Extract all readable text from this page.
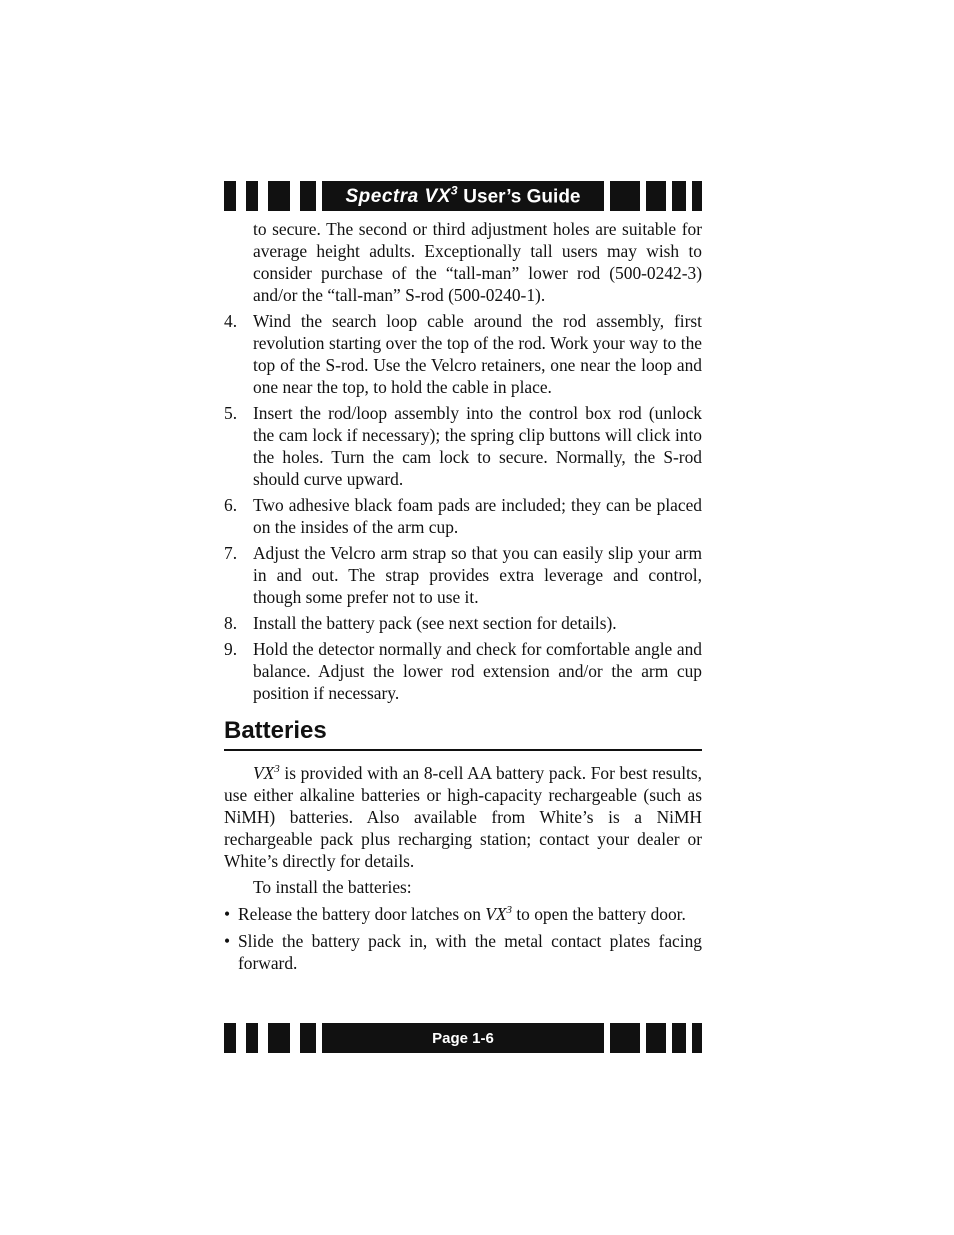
Spectra $VX^3$ User’s Guide

to secure. The second or third adjustment holes are suitable for average height adults. Exceptionally tall users may wish to consider purchase of the “tall-man” lower rod (500-0242-3) and/or the “tall-man” S-rod (500-0240-1).

4. Wind the search loop cable around the rod assembly, first revolution starting over the top of the rod. Work your way to the top of the S-rod. Use the Velcro retainers, one near the loop and one near the top, to hold the cable in place.
5. Insert the rod/loop assembly into the control box rod (unlock the cam lock if necessary); the spring clip buttons will click into the holes. Turn the cam lock to secure. Normally, the S-rod should curve upward.
6. Two adhesive black foam pads are included; they can be placed on the insides of the arm cup.
7. Adjust the Velcro arm strap so that you can easily slip your arm in and out. The strap provides extra leverage and control, though some prefer not to use it.
8. Install the battery pack (see next section for details).
9. Hold the detector normally and check for comfortable angle and balance. Adjust the lower rod extension and/or the arm cup position if necessary.
Batteries

$VX^3$ is provided with an 8-cell AA battery pack. For best results, use either alkaline batteries or high-capacity rechargeable (such as NiMH) batteries. Also available from White’s is a NiMH rechargeable pack plus recharging station; contact your dealer or White’s directly for details.

To install the batteries:

• Release the battery door latches on $VX^3$ to open the battery door.
• Slide the battery pack in, with the metal contact plates facing forward.
Page 1-6
